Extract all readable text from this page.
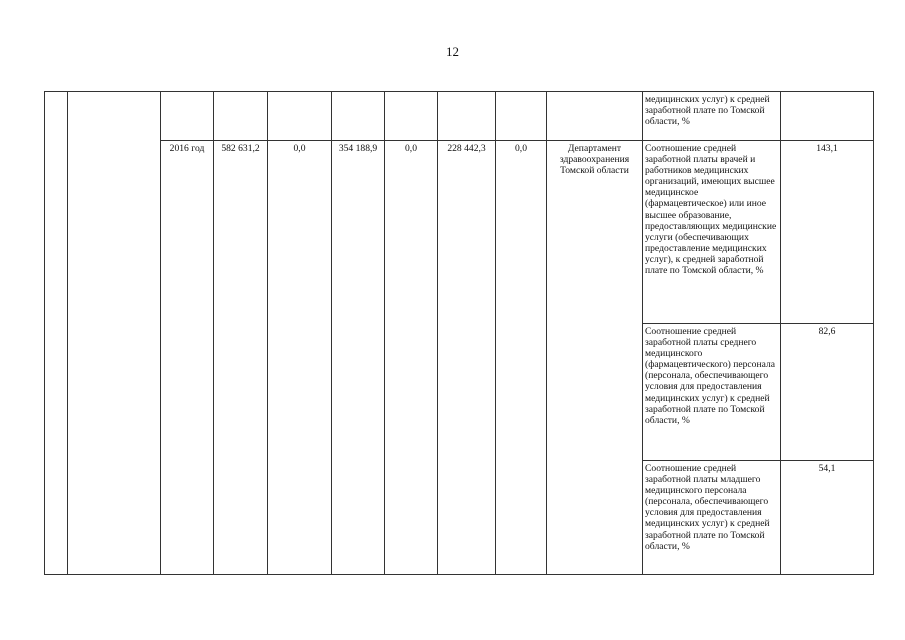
12
										медицинских услуг) к средней заработной плате по Томской области, %	
		2016 год	582 631,2	0,0	354 188,9	0,0	228 442,3	0,0	Департамент здравоохранения Томской области	Соотношение средней заработной платы врачей и работников медицинских организаций, имеющих высшее медицинское (фармацевтическое) или иное высшее образование, предоставляющих медицинские услуги (обеспечивающих предоставление медицинских услуг), к средней заработной плате по Томской области, %	143,1
										Соотношение средней заработной платы среднего медицинского (фармацевтического) персонала (персонала, обеспечивающего условия для предоставления медицинских услуг) к средней заработной плате по Томской области, %	82,6
										Соотношение средней заработной платы младшего медицинского персонала (персонала, обеспечивающего условия для предоставления медицинских услуг) к средней заработной плате по Томской области, %	54,1
